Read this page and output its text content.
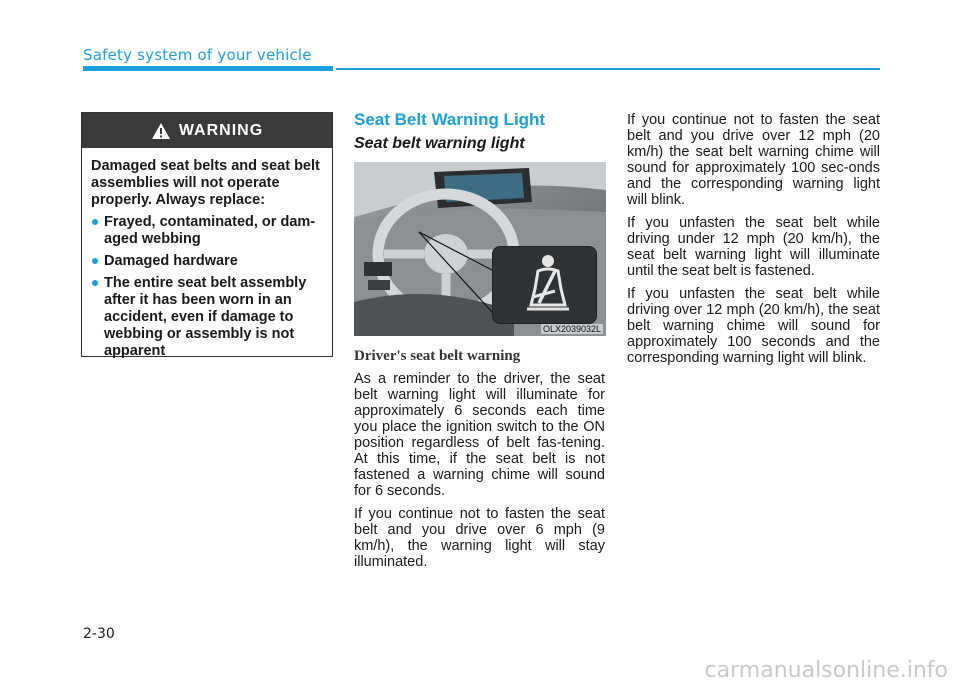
Safety system of your vehicle
WARNING

Damaged seat belts and seat belt assemblies will not operate properly. Always replace:

Frayed, contaminated, or dam-aged webbing
Damaged hardware
The entire seat belt assembly after it has been worn in an accident, even if damage to webbing or assembly is not apparent
Seat Belt Warning Light
Seat belt warning light
OLX2039032L
Driver's seat belt warning

As a reminder to the driver, the seat belt warning light will illuminate for approximately 6 seconds each time you place the ignition switch to the ON position regardless of belt fas-tening. At this time, if the seat belt is not fastened a warning chime will sound for 6 seconds.

If you continue not to fasten the seat belt and you drive over 6 mph (9 km/h), the warning light will stay illuminated.

If you continue not to fasten the seat belt and you drive over 12 mph (20 km/h) the seat belt warning chime will sound for approximately 100 sec-onds and the corresponding warning light will blink.

If you unfasten the seat belt while driving under 12 mph (20 km/h), the seat belt warning light will illuminate until the seat belt is fastened.

If you unfasten the seat belt while driving over 12 mph (20 km/h), the seat belt warning chime will sound for approximately 100 seconds and the corresponding warning light will blink.

2-30
carmanualsonline.info
